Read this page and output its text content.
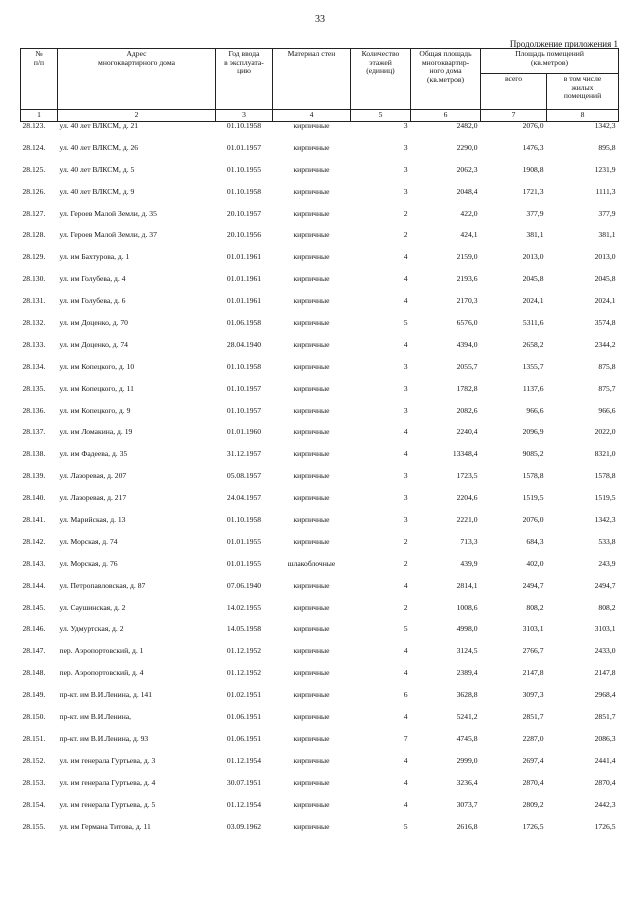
33
Продолжение приложения 1
№
п/п	Адрес
многоквартирного дома	Год ввода
в эксплуата-
цию	Материал стен	Количество
этажей
(единиц)	Общая площадь
многоквартир-
ного дома
(кв.метров)	Площадь помещений
(кв.метров)	
						всего	в том числе
жилых
помещений
1	2	3	4	5	6	7	8
28.123.	ул. 40 лет ВЛКСМ, д. 21	01.10.1958	кирпичные	3	2482,0	2076,0	1342,3
28.124.	ул. 40 лет ВЛКСМ, д. 26	01.01.1957	кирпичные	3	2290,0	1476,3	895,8
28.125.	ул. 40 лет ВЛКСМ, д. 5	01.10.1955	кирпичные	3	2062,3	1908,8	1231,9
28.126.	ул. 40 лет ВЛКСМ, д. 9	01.10.1958	кирпичные	3	2048,4	1721,3	1111,3
28.127.	ул. Героев Малой Земли, д. 35	20.10.1957	кирпичные	2	422,0	377,9	377,9
28.128.	ул. Героев Малой Земли, д. 37	20.10.1956	кирпичные	2	424,1	381,1	381,1
28.129.	ул. им Бахтурова, д. 1	01.01.1961	кирпичные	4	2159,0	2013,0	2013,0
28.130.	ул. им Голубева, д. 4	01.01.1961	кирпичные	4	2193,6	2045,8	2045,8
28.131.	ул. им Голубева, д. 6	01.01.1961	кирпичные	4	2170,3	2024,1	2024,1
28.132.	ул. им Доценко, д. 70	01.06.1958	кирпичные	5	6576,0	5311,6	3574,8
28.133.	ул. им Доценко, д. 74	28.04.1940	кирпичные	4	4394,0	2658,2	2344,2
28.134.	ул. им Копецкого, д. 10	01.10.1958	кирпичные	3	2055,7	1355,7	875,8
28.135.	ул. им Копецкого, д. 11	01.10.1957	кирпичные	3	1782,8	1137,6	875,7
28.136.	ул. им Копецкого, д. 9	01.10.1957	кирпичные	3	2082,6	966,6	966,6
28.137.	ул. им Ломакина, д. 19	01.01.1960	кирпичные	4	2240,4	2096,9	2022,0
28.138.	ул. им Фадеева, д. 35	31.12.1957	кирпичные	4	13348,4	9085,2	8321,0
28.139.	ул. Лазоревая, д. 207	05.08.1957	кирпичные	3	1723,5	1578,8	1578,8
28.140.	ул. Лазоревая, д. 217	24.04.1957	кирпичные	3	2204,6	1519,5	1519,5
28.141.	ул. Марийская, д. 13	01.10.1958	кирпичные	3	2221,0	2076,0	1342,3
28.142.	ул. Морская, д. 74	01.01.1955	кирпичные	2	713,3	684,3	533,8
28.143.	ул. Морская, д. 76	01.01.1955	шлакоблочные	2	439,9	402,0	243,9
28.144.	ул. Петропавловская, д. 87	07.06.1940	кирпичные	4	2814,1	2494,7	2494,7
28.145.	ул. Саушинская, д. 2	14.02.1955	кирпичные	2	1008,6	808,2	808,2
28.146.	ул. Удмуртская, д. 2	14.05.1958	кирпичные	5	4998,0	3103,1	3103,1
28.147.	пер. Аэропортовский, д. 1	01.12.1952	кирпичные	4	3124,5	2766,7	2433,0
28.148.	пер. Аэропортовский, д. 4	01.12.1952	кирпичные	4	2389,4	2147,8	2147,8
28.149.	пр-кт. им В.И.Ленина, д. 141	01.02.1951	кирпичные	6	3628,8	3097,3	2968,4
28.150.	пр-кт. им В.И.Ленина,	01.06.1951	кирпичные	4	5241,2	2851,7	2851,7
28.151.	пр-кт. им В.И.Ленина, д. 93	01.06.1951	кирпичные	7	4745,8	2287,0	2086,3
28.152.	ул. им генерала Гуртьева, д. 3	01.12.1954	кирпичные	4	2999,0	2697,4	2441,4
28.153.	ул. им генерала Гуртьева, д. 4	30.07.1951	кирпичные	4	3236,4	2870,4	2870,4
28.154.	ул. им генерала Гуртьева, д. 5	01.12.1954	кирпичные	4	3073,7	2809,2	2442,3
28.155.	ул. им Германа Титова, д. 11	03.09.1962	кирпичные	5	2616,8	1726,5	1726,5
